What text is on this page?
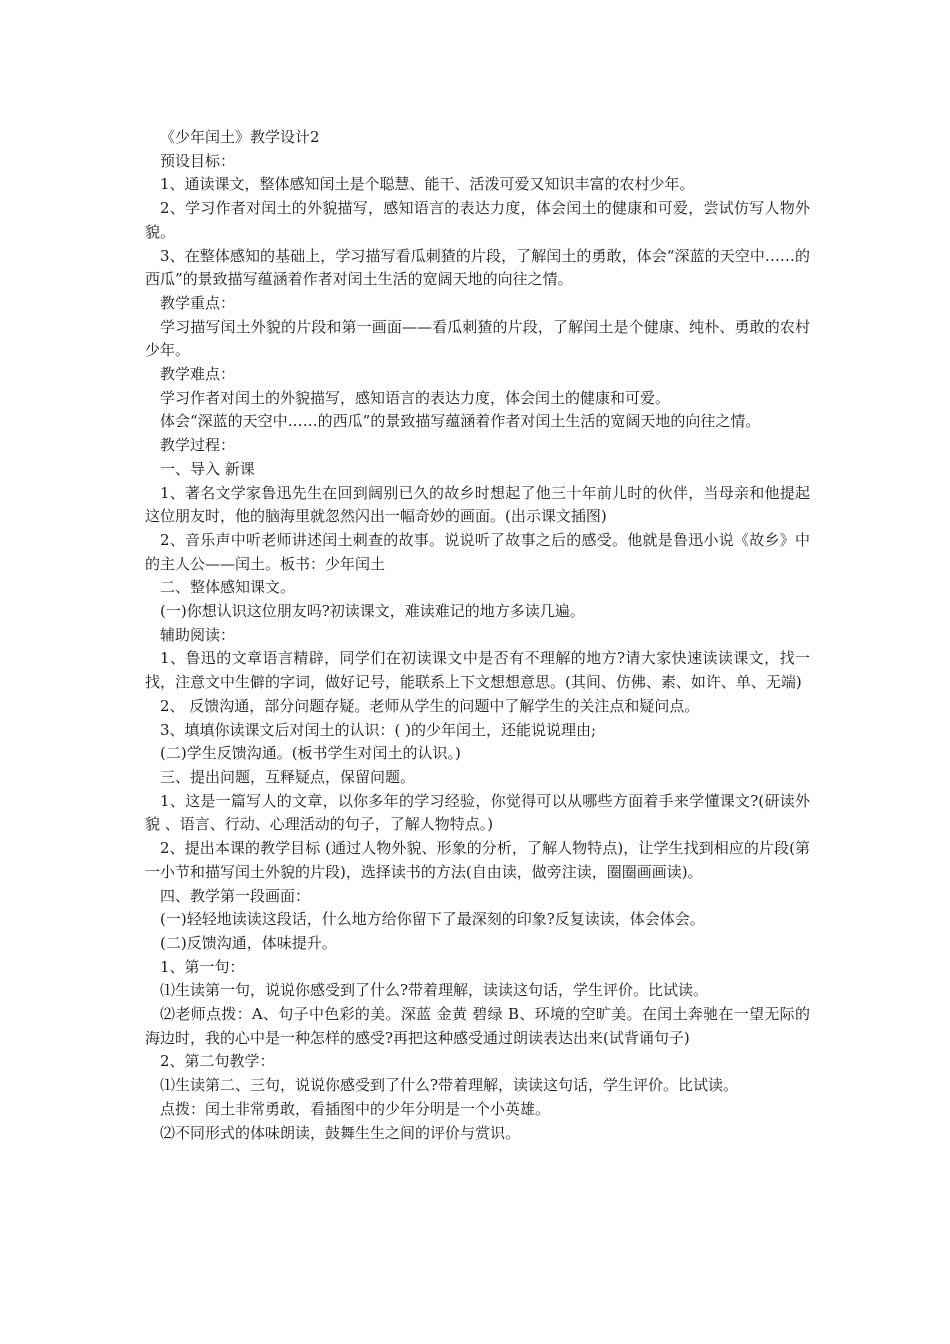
《少年闰土》教学设计2

预设目标：

1、通读课文，整体感知闰土是个聪慧、能干、活泼可爱又知识丰富的农村少年。

2、学习作者对闰土的外貌描写，感知语言的表达力度，体会闰土的健康和可爱，尝试仿写人物外貌。

3、在整体感知的基础上，学习描写看瓜刺猹的片段，了解闰土的勇敢，体会“深蓝的天空中……的西瓜”的景致描写蕴涵着作者对闰土生活的宽阔天地的向往之情。

教学重点：

学习描写闰土外貌的片段和第一画面——看瓜刺猹的片段，了解闰土是个健康、纯朴、勇敢的农村少年。

教学难点：

学习作者对闰土的外貌描写，感知语言的表达力度，体会闰土的健康和可爱。

体会“深蓝的天空中……的西瓜”的景致描写蕴涵着作者对闰土生活的宽阔天地的向往之情。

教学过程：

一、导入 新课

1、著名文学家鲁迅先生在回到阔别已久的故乡时想起了他三十年前儿时的伙伴，当母亲和他提起这位朋友时，他的脑海里就忽然闪出一幅奇妙的画面。(出示课文插图)

2、音乐声中听老师讲述闰土刺查的故事。说说听了故事之后的感受。他就是鲁迅小说《故乡》中的主人公——闰土。板书：少年闰土

二、整体感知课文。

(一)你想认识这位朋友吗?初读课文，难读难记的地方多读几遍。

辅助阅读：

1、鲁迅的文章语言精辟，同学们在初读课文中是否有不理解的地方?请大家快速读读课文，找一找，注意文中生僻的字词，做好记号，能联系上下文想想意思。(其间、仿佛、素、如许、单、无端)

2、 反馈沟通，部分问题存疑。老师从学生的问题中了解学生的关注点和疑问点。

3、填填你读课文后对闰土的认识：( )的少年闰土，还能说说理由;

(二)学生反馈沟通。(板书学生对闰土的认识。)

三、提出问题，互释疑点，保留问题。

1、这是一篇写人的文章，以你多年的学习经验，你觉得可以从哪些方面着手来学懂课文?(研读外貌 、语言、行动、心理活动的句子，了解人物特点。)

2、提出本课的教学目标 (通过人物外貌、形象的分析，了解人物特点)，让学生找到相应的片段(第一小节和描写闰土外貌的片段)，选择读书的方法(自由读，做旁注读，圈圈画画读)。

四、教学第一段画面：

(一)轻轻地读读这段话，什么地方给你留下了最深刻的印象?反复读读，体会体会。

(二)反馈沟通，体味提升。

1、第一句：

⑴生读第一句，说说你感受到了什么?带着理解，读读这句话，学生评价。比试读。

⑵老师点拨：A、句子中色彩的美。深蓝 金黄 碧绿 B、环境的空旷美。在闰土奔驰在一望无际的海边时，我的心中是一种怎样的感受?再把这种感受通过朗读表达出来(试背诵句子)

2、第二句教学：

⑴生读第二、三句，说说你感受到了什么?带着理解，读读这句话，学生评价。比试读。

点拨：闰土非常勇敢，看插图中的少年分明是一个小英雄。

⑵不同形式的体味朗读，鼓舞生生之间的评价与赏识。
